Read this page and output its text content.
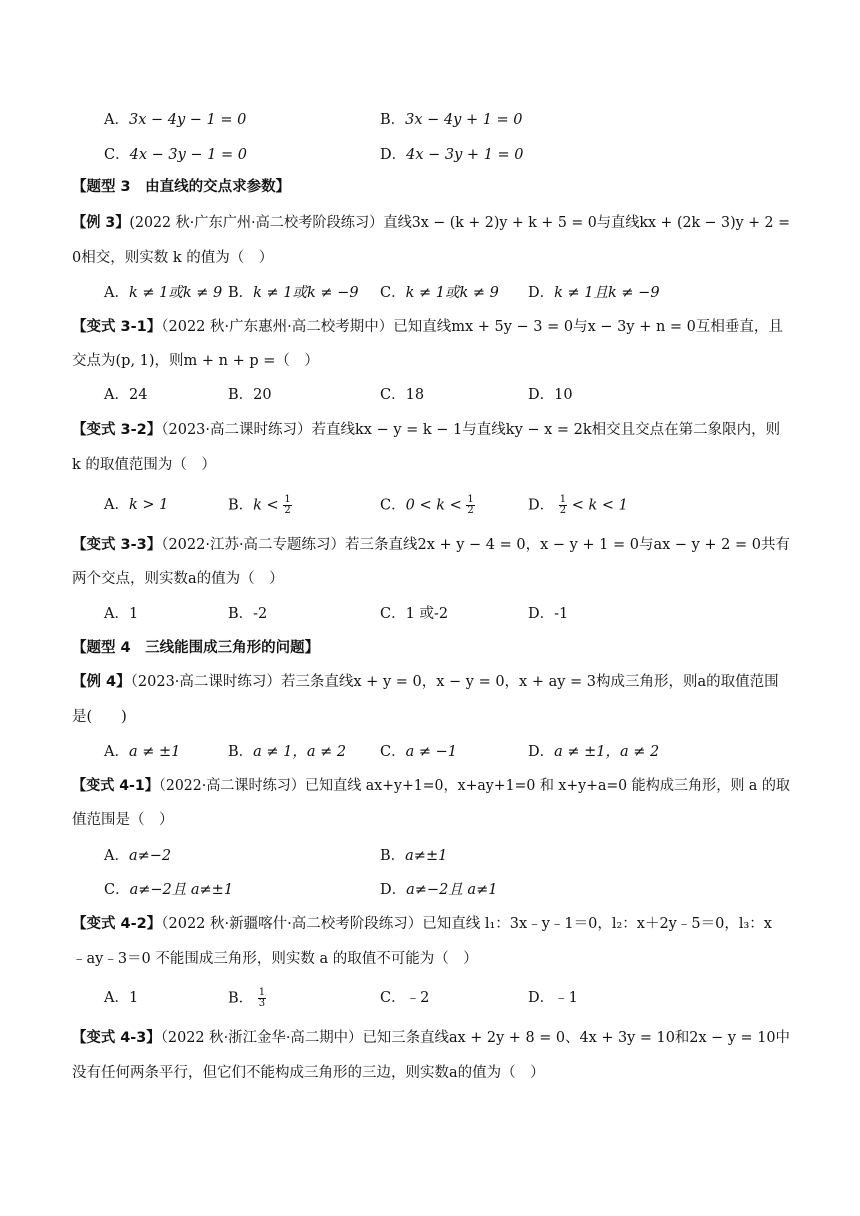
A．3x − 4y − 1 = 0	B．3x − 4y + 1 = 0
C．4x − 3y − 1 = 0	D．4x − 3y + 1 = 0
【题型 3　由直线的交点求参数】
【例 3】(2022 秋·广东广州·高二校考阶段练习）直线3x − (k + 2)y + k + 5 = 0与直线kx + (2k − 3)y + 2 =
0相交，则实数 k 的值为（　）
A．k ≠ 1或k ≠ 9 B．k ≠ 1或k ≠ −9 C．k ≠ 1或k ≠ 9 D．k ≠ 1且k ≠ −9
【变式 3-1】（2022 秋·广东惠州·高二校考期中）已知直线mx + 5y − 3 = 0与x − 3y + n = 0互相垂直，且
交点为(p, 1)，则m + n + p =（　）
A．24	B．20	C．18	D．10
【变式 3-2】（2023·高二课时练习）若直线kx − y = k − 1与直线ky − x = 2k相交且交点在第二象限内，则
k 的取值范围为（　）
A．k > 1	B．$k < \frac{1}{2}$	C．$0 < k < \frac{1}{2}$	D． $\frac{1}{2} < k < 1$
【变式 3-3】（2022·江苏·高二专题练习）若三条直线2x + y − 4 = 0，x − y + 1 = 0与ax − y + 2 = 0共有
两个交点，则实数a的值为（　）
A．1	B．-2	C．1 或-2	D．-1
【题型 4　三线能围成三角形的问题】
【例 4】（2023·高二课时练习）若三条直线x + y = 0，x − y = 0，x + ay = 3构成三角形，则a的取值范围
是(　　)
A．a ≠ ±1	B．a ≠ 1，a ≠ 2 C．a ≠ −1	D．a ≠ ±1，a ≠ 2
【变式 4-1】（2022·高二课时练习）已知直线 ax+y+1=0，x+ay+1=0 和 x+y+a=0 能构成三角形，则 a 的取
值范围是（　）
A．a≠−2	B．a≠±1
C．a≠−2且 a≠±1	D．a≠−2且 a≠1
【变式 4-2】（2022 秋·新疆喀什·高二校考阶段练习）已知直线 l₁：3x﹣y﹣1＝0，l₂：x＋2y﹣5＝0，l₃：x
﹣ay﹣3＝0 不能围成三角形，则实数 a 的取值不可能为（　）
A．1	B． $\frac{1}{3}$	C．﹣2	D．﹣1
【变式 4-3】（2022 秋·浙江金华·高二期中）已知三条直线ax + 2y + 8 = 0、4x + 3y = 10和2x − y = 10中
没有任何两条平行，但它们不能构成三角形的三边，则实数a的值为（　）
